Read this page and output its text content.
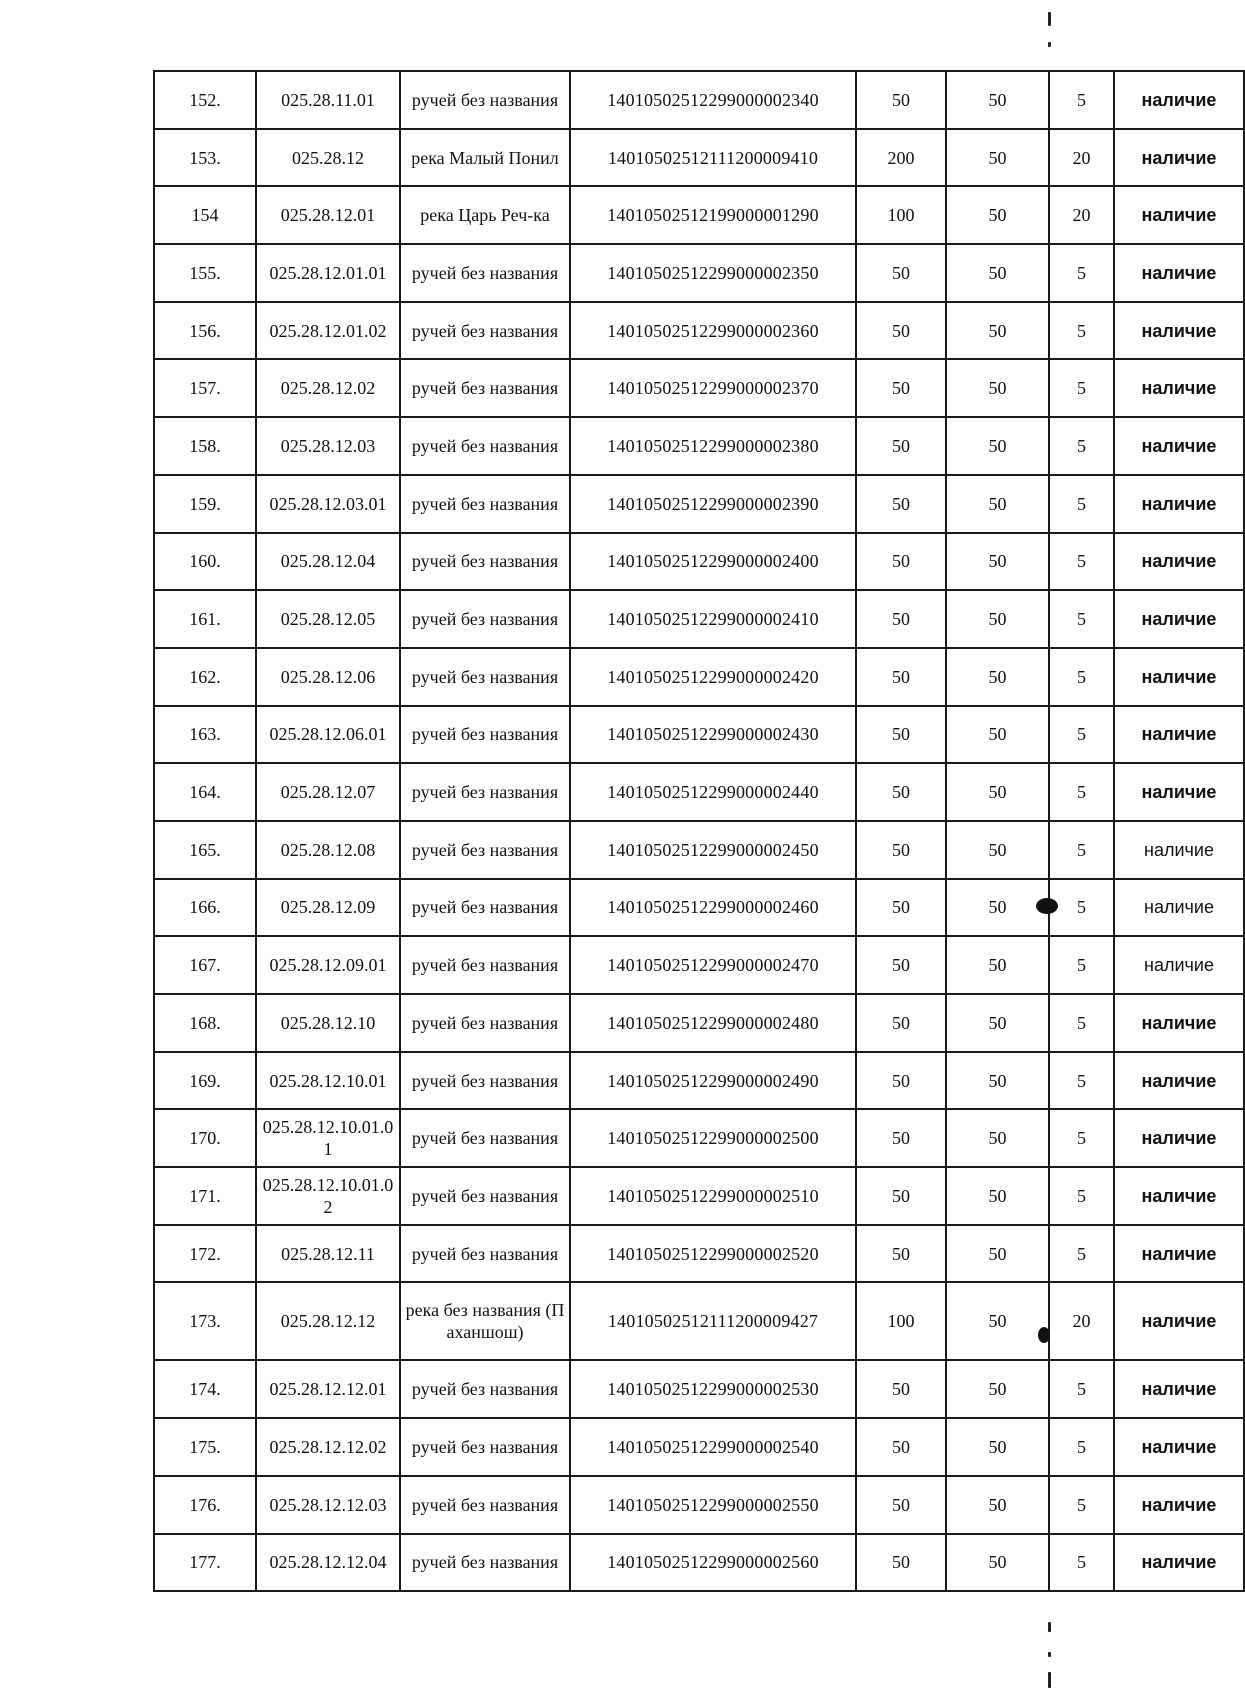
152.	025.28.11.01	ручей без названия	14010502512299000002340	50	50	5	наличие
153.	025.28.12	река Малый Понил	14010502512111200009410	200	50	20	наличие
154	025.28.12.01	река Царь Реч-ка	14010502512199000001290	100	50	20	наличие
155.	025.28.12.01.01	ручей без названия	14010502512299000002350	50	50	5	наличие
156.	025.28.12.01.02	ручей без названия	14010502512299000002360	50	50	5	наличие
157.	025.28.12.02	ручей без названия	14010502512299000002370	50	50	5	наличие
158.	025.28.12.03	ручей без названия	14010502512299000002380	50	50	5	наличие
159.	025.28.12.03.01	ручей без названия	14010502512299000002390	50	50	5	наличие
160.	025.28.12.04	ручей без названия	14010502512299000002400	50	50	5	наличие
161.	025.28.12.05	ручей без названия	14010502512299000002410	50	50	5	наличие
162.	025.28.12.06	ручей без названия	14010502512299000002420	50	50	5	наличие
163.	025.28.12.06.01	ручей без названия	14010502512299000002430	50	50	5	наличие
164.	025.28.12.07	ручей без названия	14010502512299000002440	50	50	5	наличие
165.	025.28.12.08	ручей без названия	14010502512299000002450	50	50	5	наличие
166.	025.28.12.09	ручей без названия	14010502512299000002460	50	50	5	наличие
167.	025.28.12.09.01	ручей без названия	14010502512299000002470	50	50	5	наличие
168.	025.28.12.10	ручей без названия	14010502512299000002480	50	50	5	наличие
169.	025.28.12.10.01	ручей без названия	14010502512299000002490	50	50	5	наличие
170.	025.28.12.10.01.01	ручей без названия	14010502512299000002500	50	50	5	наличие
171.	025.28.12.10.01.02	ручей без названия	14010502512299000002510	50	50	5	наличие
172.	025.28.12.11	ручей без названия	14010502512299000002520	50	50	5	наличие
173.	025.28.12.12	река без названия (Паханшош)	14010502512111200009427	100	50	20	наличие
174.	025.28.12.12.01	ручей без названия	14010502512299000002530	50	50	5	наличие
175.	025.28.12.12.02	ручей без названия	14010502512299000002540	50	50	5	наличие
176.	025.28.12.12.03	ручей без названия	14010502512299000002550	50	50	5	наличие
177.	025.28.12.12.04	ручей без названия	14010502512299000002560	50	50	5	наличие
